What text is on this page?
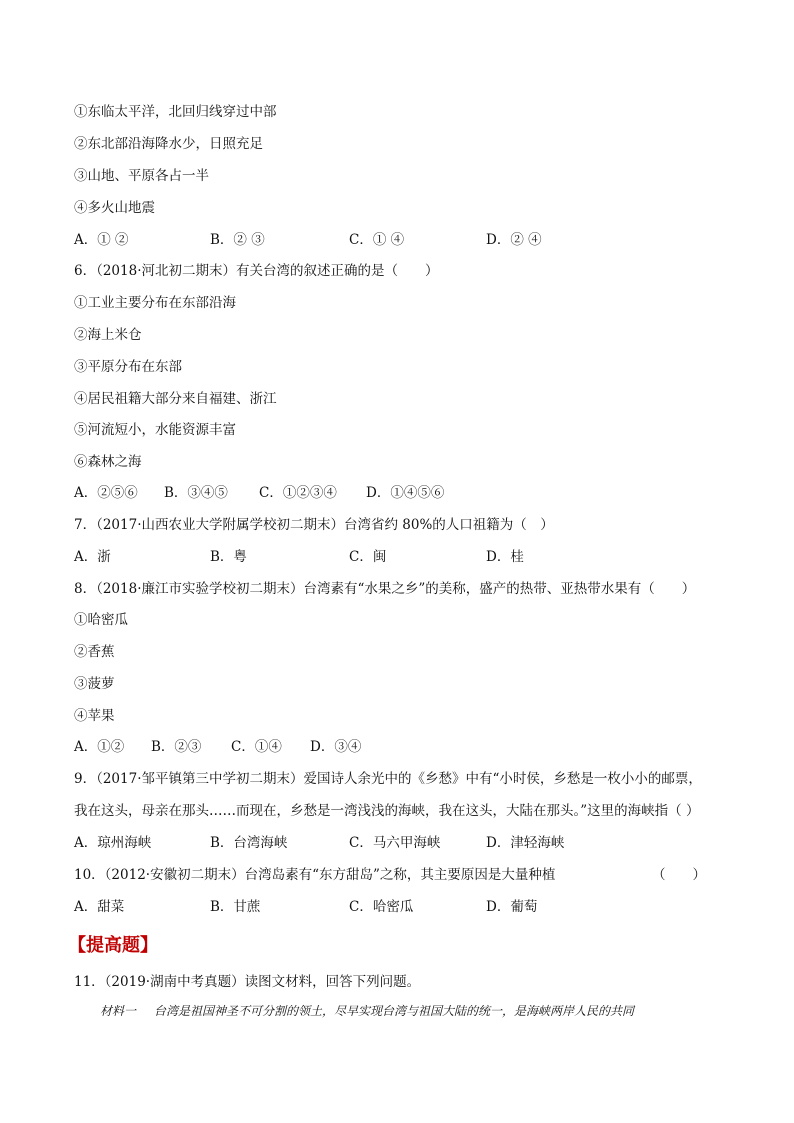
①东临太平洋，北回归线穿过中部
②东北部沿海降水少，日照充足
③山地、平原各占一半
④多火山地震
A．① ②	B．② ③	C．① ④	D．② ④
6．（2018·河北初二期末）有关台湾的叙述正确的是（　　）
①工业主要分布在东部沿海
②海上米仓
③平原分布在东部
④居民祖籍大部分来自福建、浙江
⑤河流短小，水能资源丰富
⑥森林之海
A．②⑤⑥ B．③④⑤ C．①②③④ D．①④⑤⑥
7．（2017·山西农业大学附属学校初二期末）台湾省约 80%的人口祖籍为（　）
A．浙	B．粤	C．闽	D．桂
8．（2018·廉江市实验学校初二期末）台湾素有“水果之乡”的美称，盛产的热带、亚热带水果有（　　）
①哈密瓜
②香蕉
③菠萝
④苹果
A．①② B．②③ C．①④ D．③④
9．（2017·邹平镇第三中学初二期末）爱国诗人余光中的《乡愁》中有“小时侯，乡愁是一枚小小的邮票，
我在这头，母亲在那头……而现在，乡愁是一湾浅浅的海峡，我在这头，大陆在那头。”这里的海峡指（ ）
A．琼州海峡	B．台湾海峡	C．马六甲海峡	D．津轻海峡
10．（2012·安徽初二期末）台湾岛素有“东方甜岛”之称，其主要原因是大量种植	（　　）
A．甜菜	B．甘蔗	C．哈密瓜	D．葡萄
【提高题】
11．（2019·湖南中考真题）读图文材料，回答下列问题。
材料一 台湾是祖国神圣不可分割的领土，尽早实现台湾与祖国大陆的统一，是海峡两岸人民的共同
